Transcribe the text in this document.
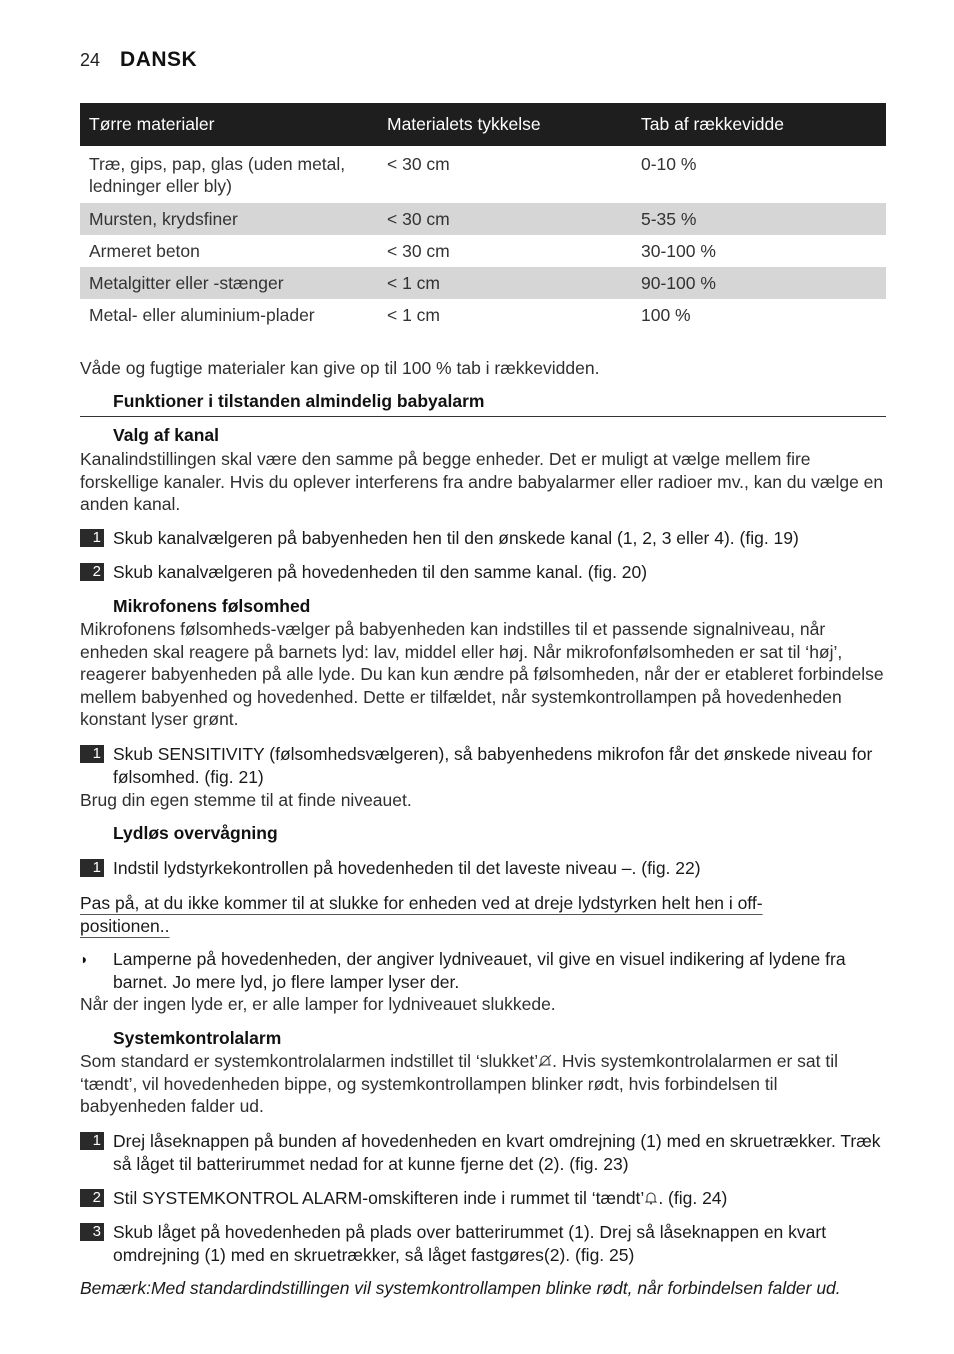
24 DANSK
Tørre materialer	Materialets tykkelse	Tab af rækkevidde
Træ, gips, pap, glas (uden metal, ledninger eller bly)	< 30 cm	0-10 %
Mursten, krydsfiner	< 30 cm	5-35 %
Armeret beton	< 30 cm	30-100 %
Metalgitter eller -stænger	< 1 cm	90-100 %
Metal- eller aluminium-plader	< 1 cm	100 %
Våde og fugtige materialer kan give op til 100 % tab i rækkevidden.
Funktioner i tilstanden almindelig babyalarm
Valg af kanal
Kanalindstillingen skal være den samme på begge enheder. Det er muligt at vælge mellem fire forskellige kanaler. Hvis du oplever interferens fra andre babyalarmer eller radioer mv., kan du vælge en anden kanal.
1 Skub kanalvælgeren på babyenheden hen til den ønskede kanal (1, 2, 3 eller 4). (fig. 19)
2 Skub kanalvælgeren på hovedenheden til den samme kanal. (fig. 20)
Mikrofonens følsomhed
Mikrofonens følsomheds-vælger på babyenheden kan indstilles til et passende signalniveau, når enheden skal reagere på barnets lyd: lav, middel eller høj. Når mikrofonfølsomheden er sat til ‘høj’, reagerer babyenheden på alle lyde. Du kan kun ændre på følsomheden, når der er etableret forbindelse mellem babyenhed og hovedenhed. Dette er tilfældet, når systemkontrollampen på hovedenheden konstant lyser grønt.
1 Skub SENSITIVITY (følsomhedsvælgeren), så babyenhedens mikrofon får det ønskede niveau for følsomhed. (fig. 21)
Brug din egen stemme til at finde niveauet.
Lydløs overvågning
1 Indstil lydstyrkekontrollen på hovedenheden til det laveste niveau –. (fig. 22)
Pas på, at du ikke kommer til at slukke for enheden ved at dreje lydstyrken helt hen i off-
positionen..
◗	Lamperne på hovedenheden, der angiver lydniveauet, vil give en visuel indikering af lydene fra barnet. Jo mere lyd, jo flere lamper lyser der.
Når der ingen lyde er, er alle lamper for lydniveauet slukkede.
Systemkontrolalarm
Som standard er systemkontrolalarmen indstillet til ‘slukket’ . Hvis systemkontrolalarmen er sat til ‘tændt’, vil hovedenheden bippe, og systemkontrollampen blinker rødt, hvis forbindelsen til babyenheden falder ud.
1 Drej låseknappen på bunden af hovedenheden en kvart omdrejning (1) med en skruetrækker. Træk så låget til batterirummet nedad for at kunne fjerne det (2). (fig. 23)
2 Stil SYSTEMKONTROL ALARM-omskifteren inde i rummet til ‘tændt’ . (fig. 24)
3 Skub låget på hovedenheden på plads over batterirummet (1). Drej så låseknappen en kvart omdrejning (1) med en skruetrækker, så låget fastgøres(2). (fig. 25)
Bemærk:Med standardindstillingen vil systemkontrollampen blinke rødt, når forbindelsen falder ud.
